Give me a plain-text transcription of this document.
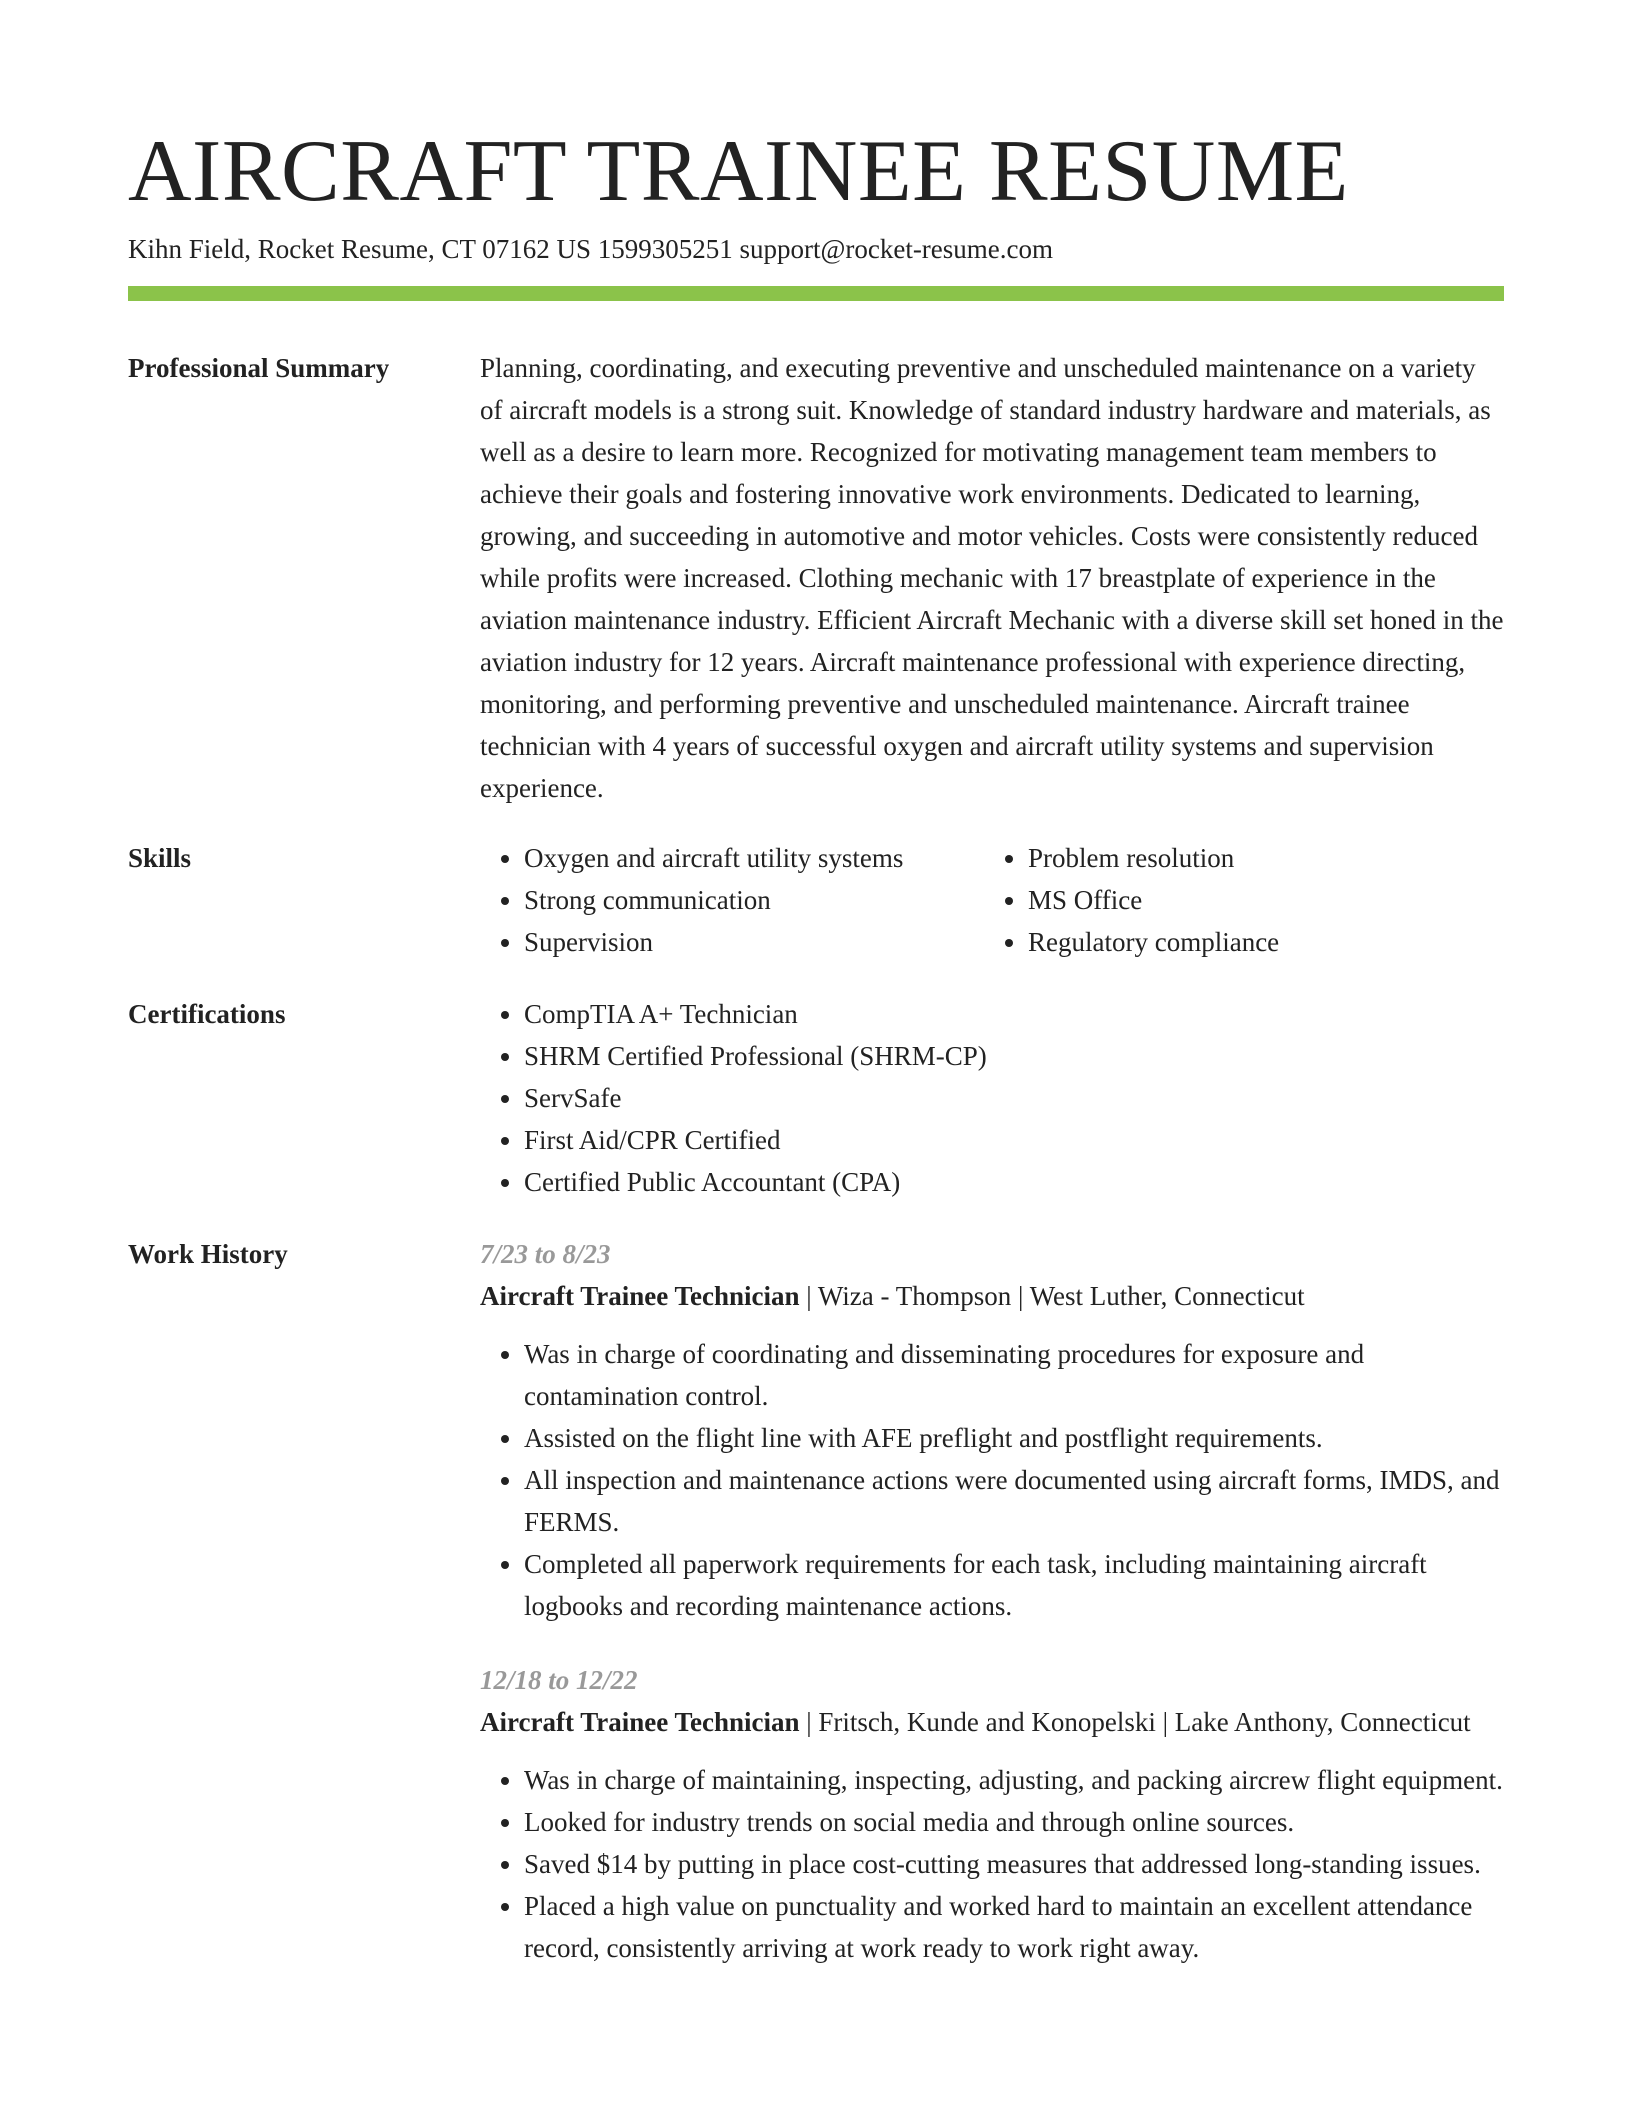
AIRCRAFT TRAINEE RESUME
Kihn Field, Rocket Resume, CT 07162 US 1599305251 support@rocket-resume.com
Professional Summary	Planning, coordinating, and executing preventive and unscheduled maintenance on a variety of aircraft models is a strong suit. Knowledge of standard industry hardware and materials, as well as a desire to learn more. Recognized for motivating management team members to achieve their goals and fostering innovative work environments. Dedicated to learning, growing, and succeeding in automotive and motor vehicles. Costs were consistently reduced while profits were increased. Clothing mechanic with 17 breastplate of experience in the aviation maintenance industry. Efficient Aircraft Mechanic with a diverse skill set honed in the aviation industry for 12 years. Aircraft maintenance professional with experience directing, monitoring, and performing preventive and unscheduled maintenance. Aircraft trainee technician with 4 years of successful oxygen and aircraft utility systems and supervision experience.

Skills	• Oxygen and aircraft utility systems
• Strong communication
• Supervision
• Problem resolution
• MS Office
• Regulatory compliance
Certifications	• CompTIA A+ Technician
• SHRM Certified Professional (SHRM-CP)
• ServSafe
• First Aid/CPR Certified
• Certified Public Accountant (CPA)
Work History	7/23 to 8/23
Aircraft Trainee Technician | Wiza - Thompson | West Luther, Connecticut
• Was in charge of coordinating and disseminating procedures for exposure and contamination control.
• Assisted on the flight line with AFE preflight and postflight requirements.
• All inspection and maintenance actions were documented using aircraft forms, IMDS, and FERMS.
• Completed all paperwork requirements for each task, including maintaining aircraft logbooks and recording maintenance actions.
12/18 to 12/22
Aircraft Trainee Technician | Fritsch, Kunde and Konopelski | Lake Anthony, Connecticut
• Was in charge of maintaining, inspecting, adjusting, and packing aircrew flight equipment.
• Looked for industry trends on social media and through online sources.
• Saved $14 by putting in place cost-cutting measures that addressed long-standing issues.
• Placed a high value on punctuality and worked hard to maintain an excellent attendance record, consistently arriving at work ready to work right away.
